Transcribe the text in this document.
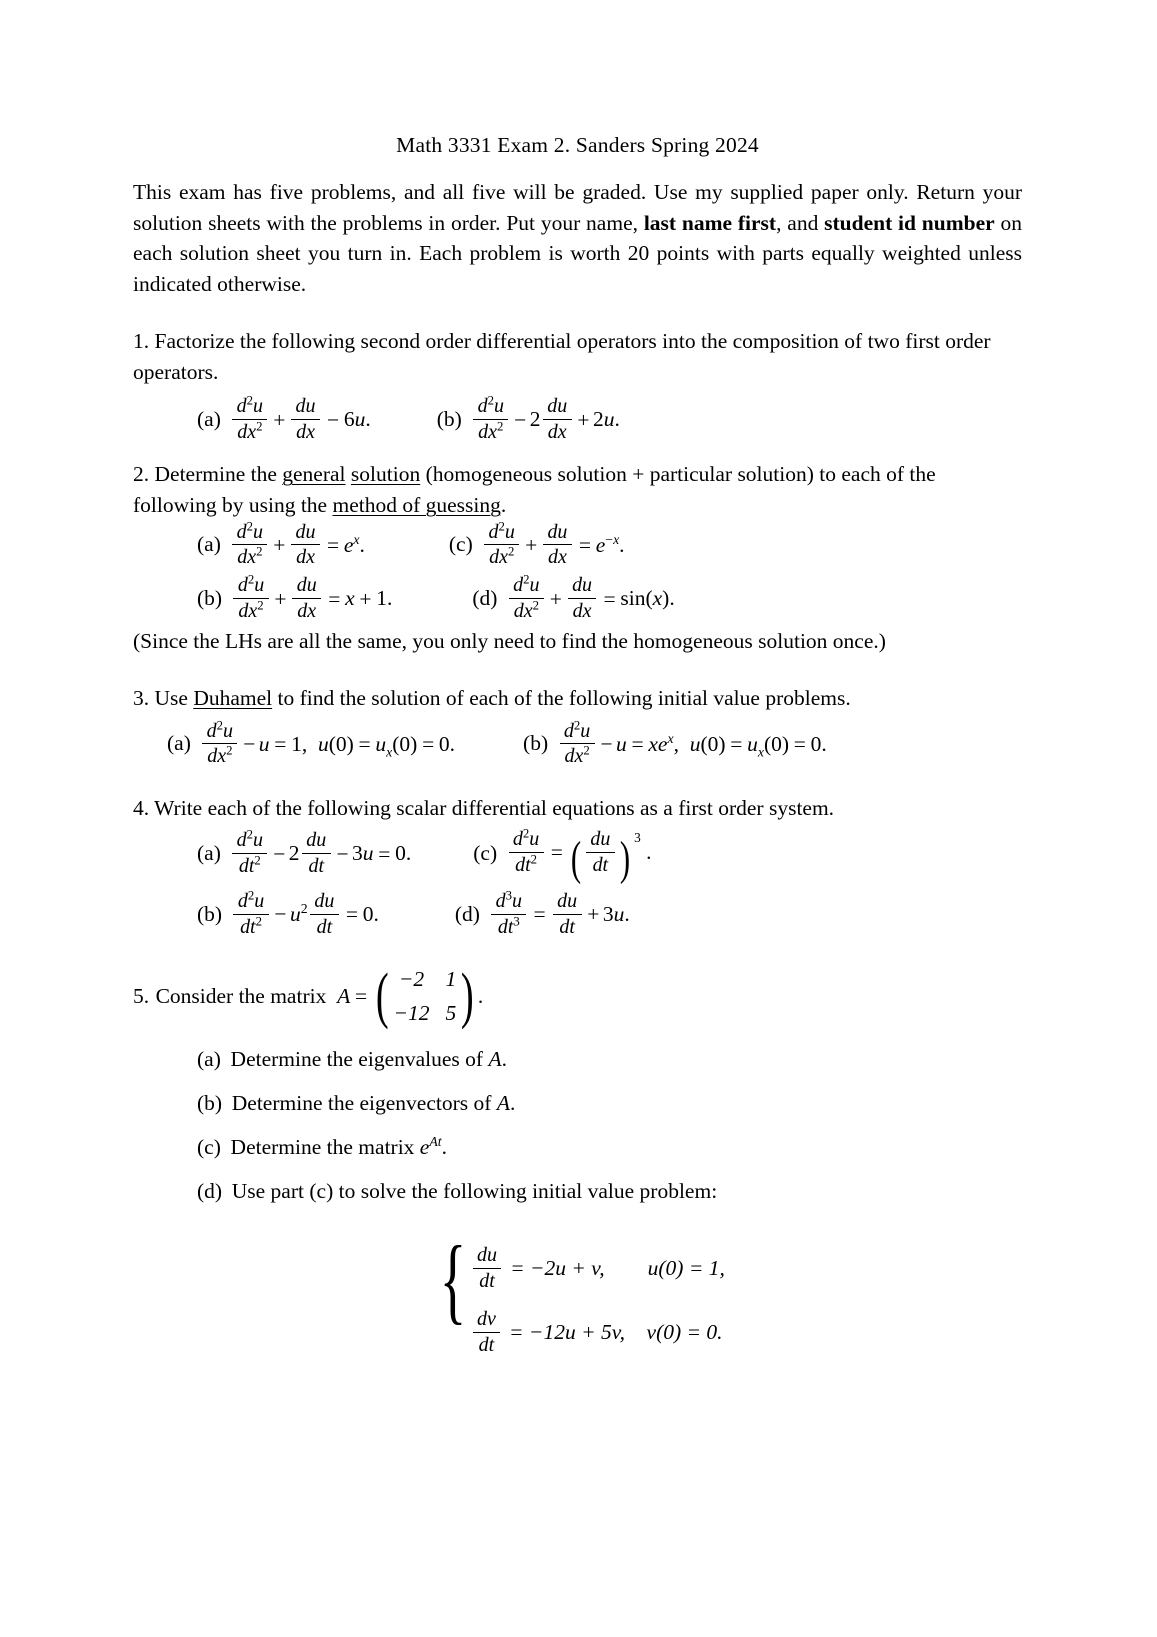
Math 3331 Exam 2. Sanders Spring 2024

This exam has five problems, and all five will be graded. Use my supplied paper only. Return your solution sheets with the problems in order. Put your name, last name first, and student id number on each solution sheet you turn in. Each problem is worth 20 points with parts equally weighted unless indicated otherwise.

1. Factorize the following second order differential operators into the composition of two first order operators.

$(a) \frac{d^2u}{dx^2} + \frac{du}{dx} - 6u$.	$(b) \frac{d^2u}{dx^2} - 2 \frac{du}{dx} + 2u$.

2. Determine the general solution (homogeneous solution + particular solution) to each of the following by using the method of guessing.

$(a) \frac{d^2u}{dx^2} + \frac{du}{dx} = e^x$.	$(c) \frac{d^2u}{dx^2} + \frac{du}{dx} = e^{-x}$.
$(b) \frac{d^2u}{dx^2} + \frac{du}{dx} = x + 1$.	$(d) \frac{d^2u}{dx^2} + \frac{du}{dx} = \sin(x)$.

(Since the LHs are all the same, you only need to find the homogeneous solution once.)

3. Use Duhamel to find the solution of each of the following initial value problems.

$(a) \frac{d^2u}{dx^2} - u = 1$,  $u(0) = u_x(0) = 0$.	$(b) \frac{d^2u}{dx^2} - u = xe^x$,  $u(0) = u_x(0) = 0$.

4. Write each of the following scalar differential equations as a first order system.

$(a) \frac{d^2u}{dt^2} - 2 \frac{du}{dt} - 3u = 0$.	$(c) \frac{d^2u}{dt^2}$ = ( $\frac{du}{dt}$ ) $^3$ .
$(b) \frac{d^2u}{dt^2} - u^2 \frac{du}{dt} = 0$.	$(d) \frac{d^3u}{dt^3} = \frac{du}{dt} + 3u$.
5. Consider the matrix A = ( −2 1
−12 5 ) .
(a) Determine the eigenvalues of A.
(b) Determine the eigenvectors of A.
(c) Determine the matrix $e^{At}$.
(d) Use part (c) to solve the following initial value problem:
{ $\frac{du}{dt} = -2u + v$, u(0) = 1,
$\frac{dv}{dt} = -12u + 5v$, v(0) = 0.
